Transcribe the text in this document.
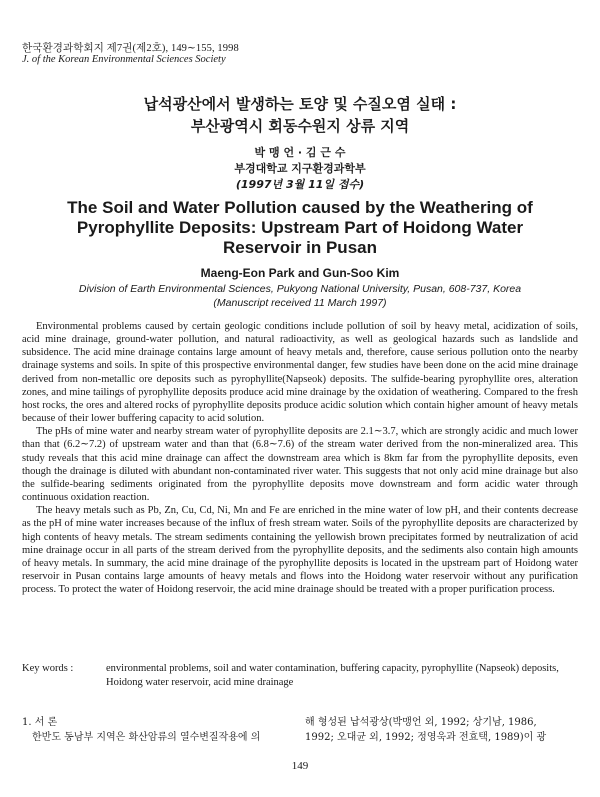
한국환경과학회지 제7권(제2호), 149∼155, 1998
J. of the Korean Environmental Sciences Society
납석광산에서 발생하는 토양 및 수질오염 실태 :
부산광역시 회동수원지 상류 지역
박 맹 언 · 김 근 수
부경대학교 지구환경과학부
(1997년 3월 11일 접수)
The Soil and Water Pollution caused by the Weathering of
Pyrophyllite Deposits: Upstream Part of Hoidong Water
Reservoir in Pusan
Maeng-Eon Park and Gun-Soo Kim
Division of Earth Environmental Sciences, Pukyong National University, Pusan, 608-737, Korea
(Manuscript received 11 March 1997)

Environmental problems caused by certain geologic conditions include pollution of soil by heavy metal, acidization of soils, acid mine drainage, ground-water pollution, and natural radioactivity, as well as geological hazards such as landslide and subsidence. The acid mine drainage contains large amount of heavy metals and, therefore, cause serious pollution onto the nearby drainage systems and soils. In spite of this prospective environmental danger, few studies have been done on the acid mine drainage derived from non-metallic ore deposits such as pyrophyllite(Napseok) deposits. The sulfide-bearing pyrophyllite ores, alteration zones, and mine tailings of pyrophyllite deposits produce acid mine drainage by the oxidation of weathering. Compared to the fresh host rocks, the ores and altered rocks of pyrophyllite deposits produce acidic solution which contain higher amount of heavy metals because of their lower buffering capacity to acid solution.

The pHs of mine water and nearby stream water of pyrophyllite deposits are 2.1∼3.7, which are strongly acidic and much lower than that (6.2∼7.2) of upstream water and than that (6.8∼7.6) of the stream water derived from the non-mineralized area. This study reveals that this acid mine drainage can affect the downstream area which is 8km far from the pyrophyllite deposits, even though the drainage is diluted with abundant non-contaminated river water. This suggests that not only acid mine drainage but also the sulfide-bearing sediments originated from the pyrophyllite deposits move downstream and form acidic water through continuous oxidation reaction.

The heavy metals such as Pb, Zn, Cu, Cd, Ni, Mn and Fe are enriched in the mine water of low pH, and their contents decrease as the pH of mine water increases because of the influx of fresh stream water. Soils of the pyrophyllite deposits are characterized by high contents of heavy metals. The stream sediments containing the yellowish brown precipitates formed by neutralization of acid mine drainage occur in all parts of the stream derived from the pyrophyllite deposits, and the sediments also contain high amounts of heavy metals. In summary, the acid mine drainage of the pyrophyllite deposits is located in the upstream part of Hoidong water reservoir in Pusan contains large amounts of heavy metals and flows into the Hoidong water reservoir without any purification process. To protect the water of Hoidong reservoir, the acid mine drainage should be treated with a proper purification process.

Key words :	environmental problems, soil and water contamination, buffering capacity, pyrophyllite (Napseok) deposits, Hoidong water reservoir, acid mine drainage
1. 서 론
한반도 동남부 지역은 화산암류의 열수변질작용에 의
해 형성된 납석광상(박맹언 외, 1992; 상기남, 1986,
1992; 오대균 외, 1992; 정영욱과 전효택, 1989)이 광
149
